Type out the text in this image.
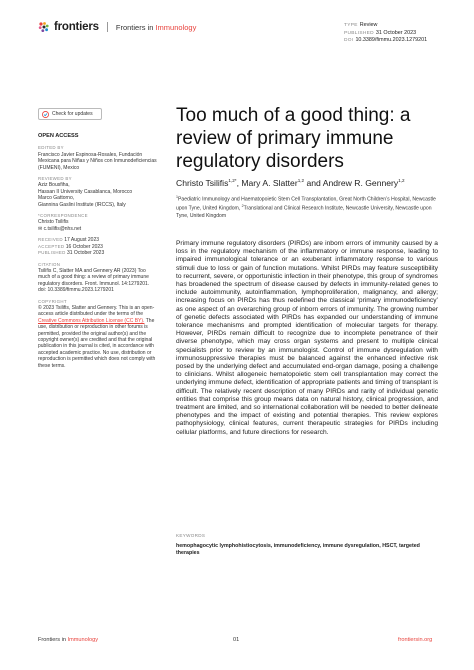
frontiers Frontiers in Immunology	TYPE Review
PUBLISHED 31 October 2023
DOI 10.3389/fimmu.2023.1279201
Check for updates
OPEN ACCESS
EDITED BY
Francisco Javier Espinosa-Rosales, Fundación Mexicana para Niñas y Niños con Inmunodeficiencias (FUMENI), Mexico
REVIEWED BY
Aziz Bousfiha,
Hassan II University Casablanca, Morocco
Marco Gattorno,
Giannina Gaslini Institute (IRCCS), Italy
*CORRESPONDENCE
Christo Tsilifis
✉ c.tsilifis@nhs.net
RECEIVED 17 August 2023
ACCEPTED 16 October 2023
PUBLISHED 31 October 2023
CITATION
Tsilifis C, Slatter MA and Gennery AR (2023) Too much of a good thing: a review of primary immune regulatory disorders. Front. Immunol. 14:1279201. doi: 10.3389/fimmu.2023.1279201
COPYRIGHT
© 2023 Tsilifis, Slatter and Gennery. This is an open-access article distributed under the terms of the Creative Commons Attribution License (CC BY). The use, distribution or reproduction in other forums is permitted, provided the original author(s) and the copyright owner(s) are credited and that the original publication in this journal is cited, in accordance with accepted academic practice. No use, distribution or reproduction is permitted which does not comply with these terms.
Too much of a good thing: a review of primary immune regulatory disorders
Christo Tsilifis$^{1,2*}$, Mary A. Slatter$^{1,2}$ and Andrew R. Gennery$^{1,2}$
$^1$Paediatric Immunology and Haematopoietic Stem Cell Transplantation, Great North Children’s Hospital, Newcastle upon Tyne, United Kingdom, $^2$Translational and Clinical Research Institute, Newcastle University, Newcastle upon Tyne, United Kingdom
Primary immune regulatory disorders (PIRDs) are inborn errors of immunity caused by a loss in the regulatory mechanism of the inflammatory or immune response, leading to impaired immunological tolerance or an exuberant inflammatory response to various stimuli due to loss or gain of function mutations. Whilst PIRDs may feature susceptibility to recurrent, severe, or opportunistic infection in their phenotype, this group of syndromes has broadened the spectrum of disease caused by defects in immunity-related genes to include autoimmunity, autoinflammation, lymphoproliferation, malignancy, and allergy; increasing focus on PIRDs has thus redefined the classical ‘primary immunodeficiency’ as one aspect of an overarching group of inborn errors of immunity. The growing number of genetic defects associated with PIRDs has expanded our understanding of immune tolerance mechanisms and prompted identification of molecular targets for therapy. However, PIRDs remain difficult to recognize due to incomplete penetrance of their diverse phenotype, which may cross organ systems and present to multiple clinical specialists prior to review by an immunologist. Control of immune dysregulation with immunosuppressive therapies must be balanced against the enhanced infective risk posed by the underlying defect and accumulated end-organ damage, posing a challenge to clinicians. Whilst allogeneic hematopoietic stem cell transplantation may correct the underlying immune defect, identification of appropriate patients and timing of transplant is difficult. The relatively recent description of many PIRDs and rarity of individual genetic entities that comprise this group means data on natural history, clinical progression, and treatment are limited, and so international collaboration will be needed to better delineate phenotypes and the impact of existing and potential therapies. This review explores pathophysiology, clinical features, current therapeutic strategies for PIRDs including cellular platforms, and future directions for research.
KEYWORDS
hemophagocytic lymphohistiocytosis, immunodeficiency, immune dysregulation, HSCT, targeted therapies
Frontiers in Immunology	01	frontiersin.org
